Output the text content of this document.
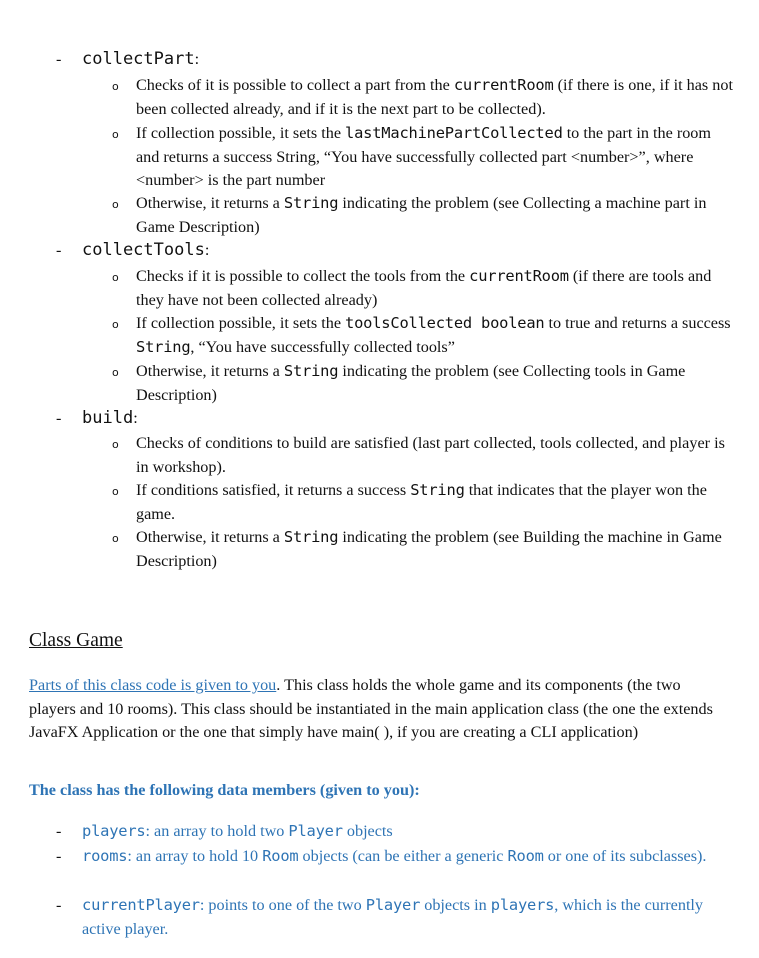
- collectPart:
o	Checks of it is possible to collect a part from the currentRoom (if there is one, if it has not been collected already, and if it is the next part to be collected).
o	If collection possible, it sets the lastMachinePartCollected to the part in the room and returns a success String, “You have successfully collected part <number>”, where <number> is the part number
o	Otherwise, it returns a String indicating the problem (see Collecting a machine part in Game Description)
- collectTools:
o	Checks if it is possible to collect the tools from the currentRoom (if there are tools and they have not been collected already)
o	If collection possible, it sets the toolsCollected boolean to true and returns a success String, “You have successfully collected tools”
o	Otherwise, it returns a String indicating the problem (see Collecting tools in Game Description)
- build:
o	Checks of conditions to build are satisfied (last part collected, tools collected, and player is in workshop).
o	If conditions satisfied, it returns a success String that indicates that the player won the game.
o	Otherwise, it returns a String indicating the problem (see Building the machine in Game Description)
Class Game
Parts of this class code is given to you. This class holds the whole game and its components (the two players and 10 rooms). This class should be instantiated in the main application class (the one the extends JavaFX Application or the one that simply have main( ), if you are creating a CLI application)
The class has the following data members (given to you):
- players: an array to hold two Player objects
- rooms: an array to hold 10 Room objects (can be either a generic Room or one of its subclasses).
- currentPlayer: points to one of the two Player objects in players, which is the currently active player.
